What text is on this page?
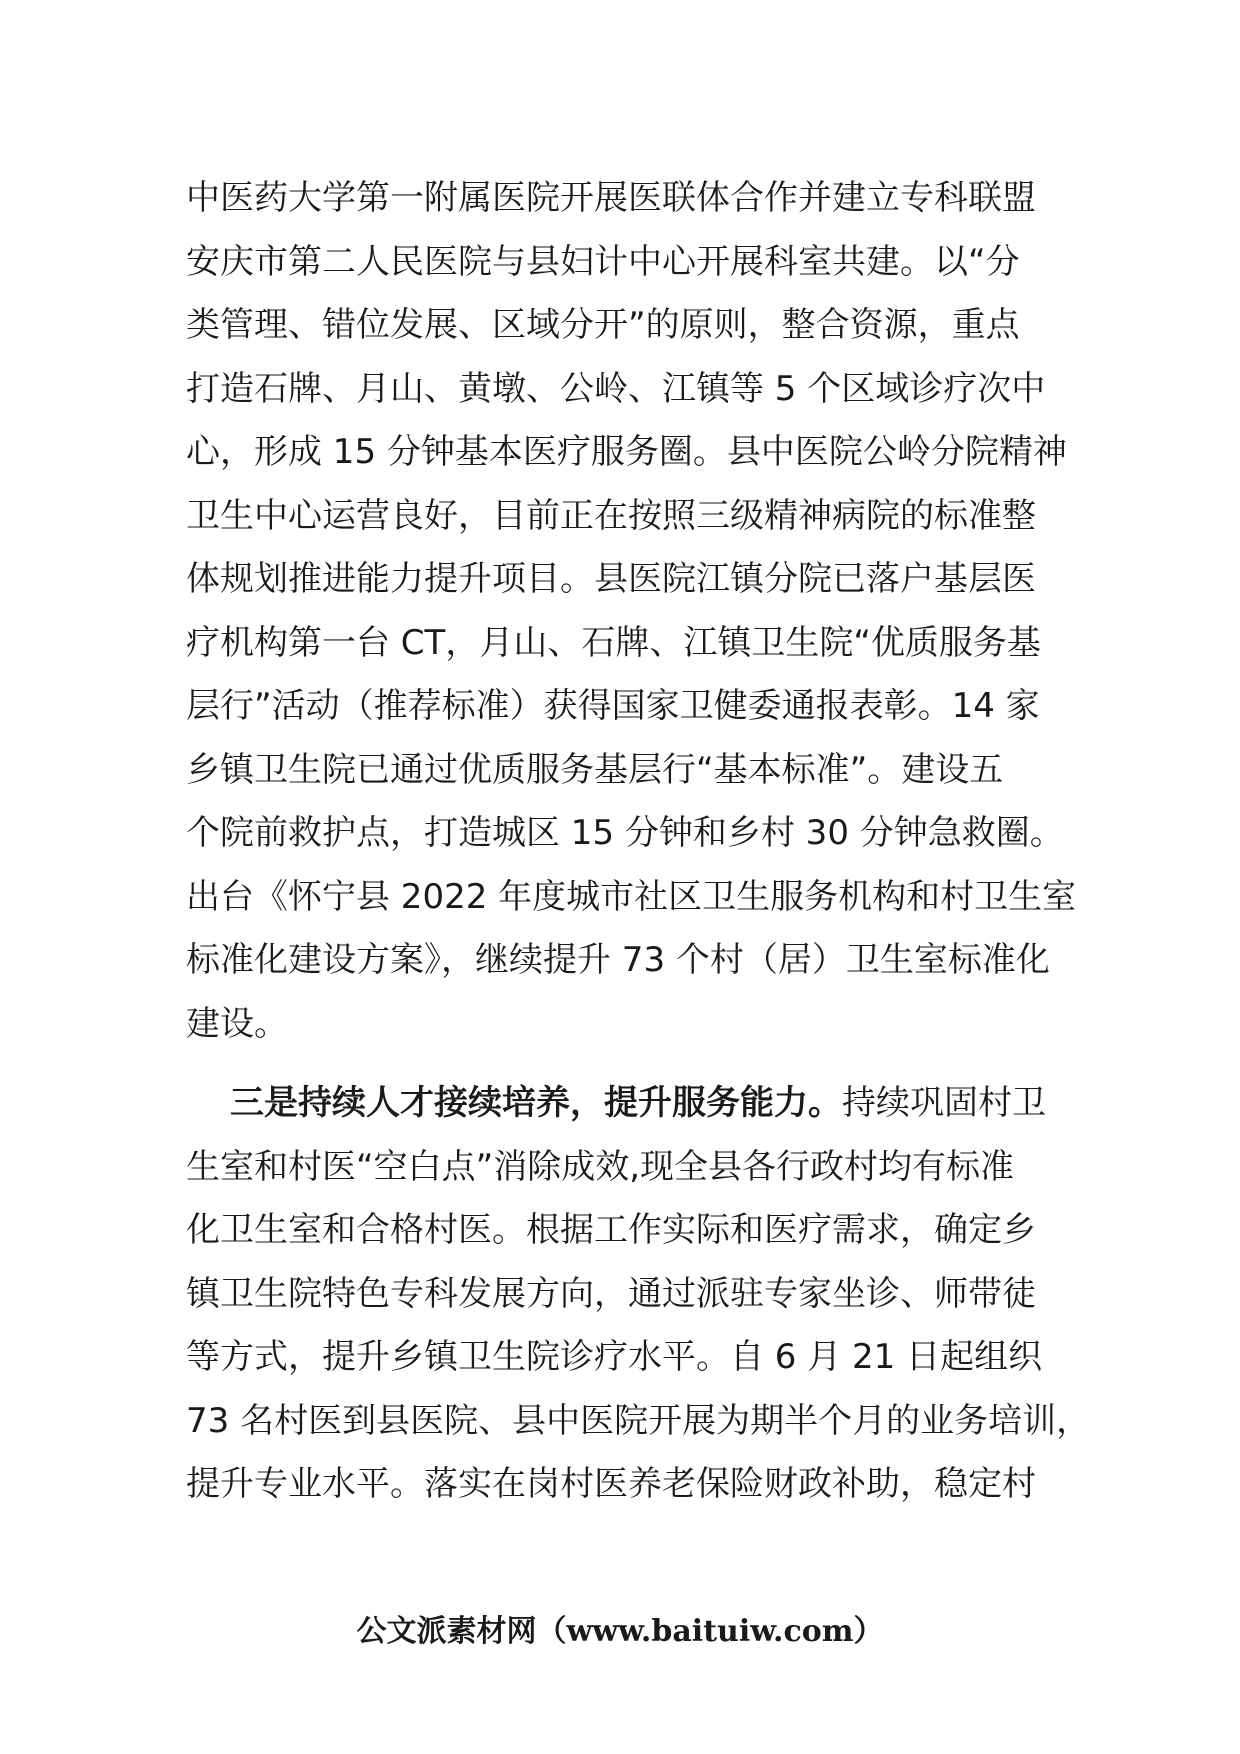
中医药大学第一附属医院开展医联体合作并建立专科联盟
安庆市第二人民医院与县妇计中心开展科室共建。以“分
类管理、错位发展、区域分开”的原则，整合资源，重点
打造石牌、月山、黄墩、公岭、江镇等 5 个区域诊疗次中
心，形成 15 分钟基本医疗服务圈。县中医院公岭分院精神
卫生中心运营良好，目前正在按照三级精神病院的标准整
体规划推进能力提升项目。县医院江镇分院已落户基层医
疗机构第一台 CT，月山、石牌、江镇卫生院“优质服务基
层行”活动（推荐标准）获得国家卫健委通报表彰。14 家
乡镇卫生院已通过优质服务基层行“基本标准”。建设五
个院前救护点，打造城区 15 分钟和乡村 30 分钟急救圈。
出台《怀宁县 2022 年度城市社区卫生服务机构和村卫生室
标准化建设方案》，继续提升 73 个村（居）卫生室标准化
建设。
三是持续人才接续培养，提升服务能力。持续巩固村卫
生室和村医“空白点”消除成效,现全县各行政村均有标准
化卫生室和合格村医。根据工作实际和医疗需求，确定乡
镇卫生院特色专科发展方向，通过派驻专家坐诊、师带徒
等方式，提升乡镇卫生院诊疗水平。自 6 月 21 日起组织
73 名村医到县医院、县中医院开展为期半个月的业务培训，
提升专业水平。落实在岗村医养老保险财政补助，稳定村
公文派素材网（www.baituiw.com）
